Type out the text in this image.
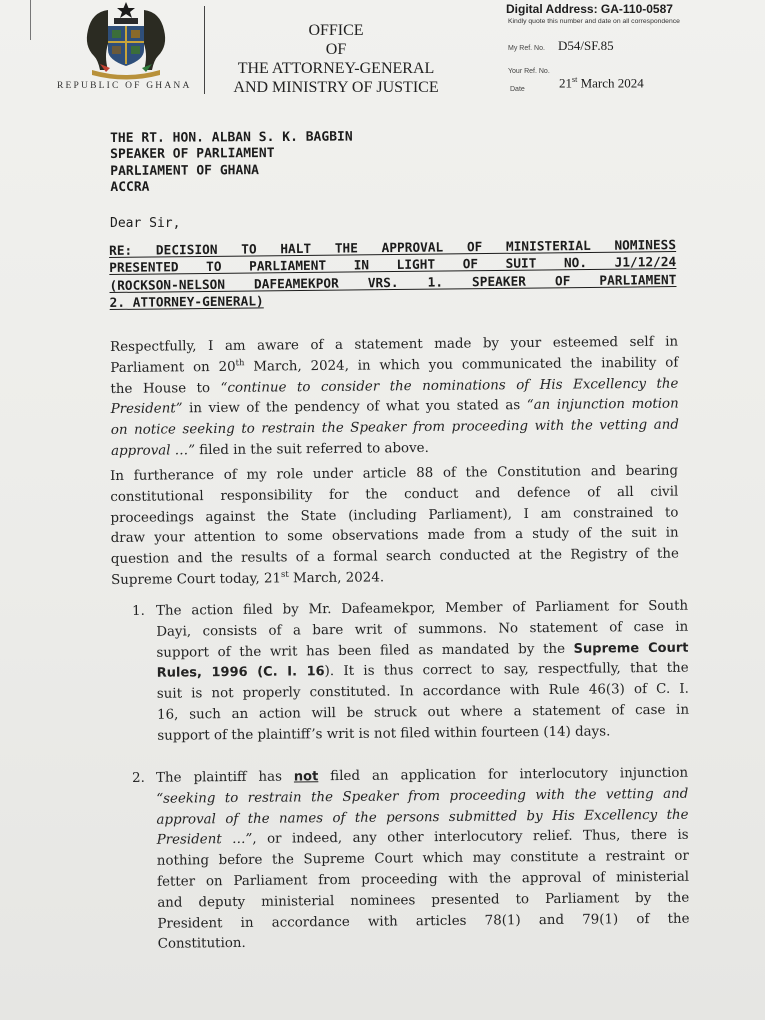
REPUBLIC OF GHANA
OFFICE
OF
THE ATTORNEY-GENERAL
AND MINISTRY OF JUSTICE
Digital Address: GA-110-0587
Kindly quote this number and date on all correspondence
My Ref. No. D54/SF.85
Your Ref. No.
Date	21st March 2024
THE RT. HON. ALBAN S. K. BAGBIN
SPEAKER OF PARLIAMENT
PARLIAMENT OF GHANA
ACCRA
Dear Sir,
RE: DECISION TO HALT THE APPROVAL OF MINISTERIAL NOMINESS
PRESENTED TO PARLIAMENT IN LIGHT OF SUIT NO. J1/12/24
(ROCKSON-NELSON DAFEAMEKPOR VRS. 1. SPEAKER OF PARLIAMENT
2. ATTORNEY-GENERAL)
Respectfully, I am aware of a statement made by your esteemed self in
Parliament on 20th March, 2024, in which you communicated the inability of
the House to “continue to consider the nominations of His Excellency the
President” in view of the pendency of what you stated as “an injunction motion
on notice seeking to restrain the Speaker from proceeding with the vetting and
approval …” filed in the suit referred to above.
In furtherance of my role under article 88 of the Constitution and bearing
constitutional responsibility for the conduct and defence of all civil
proceedings against the State (including Parliament), I am constrained to
draw your attention to some observations made from a study of the suit in
question and the results of a formal search conducted at the Registry of the
Supreme Court today, 21st March, 2024.
1. The action filed by Mr. Dafeamekpor, Member of Parliament for South
Dayi, consists of a bare writ of summons. No statement of case in
support of the writ has been filed as mandated by the Supreme Court
Rules, 1996 (C. I. 16). It is thus correct to say, respectfully, that the
suit is not properly constituted. In accordance with Rule 46(3) of C. I.
16, such an action will be struck out where a statement of case in
support of the plaintiff’s writ is not filed within fourteen (14) days.
2. The plaintiff has not filed an application for interlocutory injunction
“seeking to restrain the Speaker from proceeding with the vetting and
approval of the names of the persons submitted by His Excellency the
President …”, or indeed, any other interlocutory relief. Thus, there is
nothing before the Supreme Court which may constitute a restraint or
fetter on Parliament from proceeding with the approval of ministerial
and deputy ministerial nominees presented to Parliament by the
President in accordance with articles 78(1) and 79(1) of the
Constitution.
